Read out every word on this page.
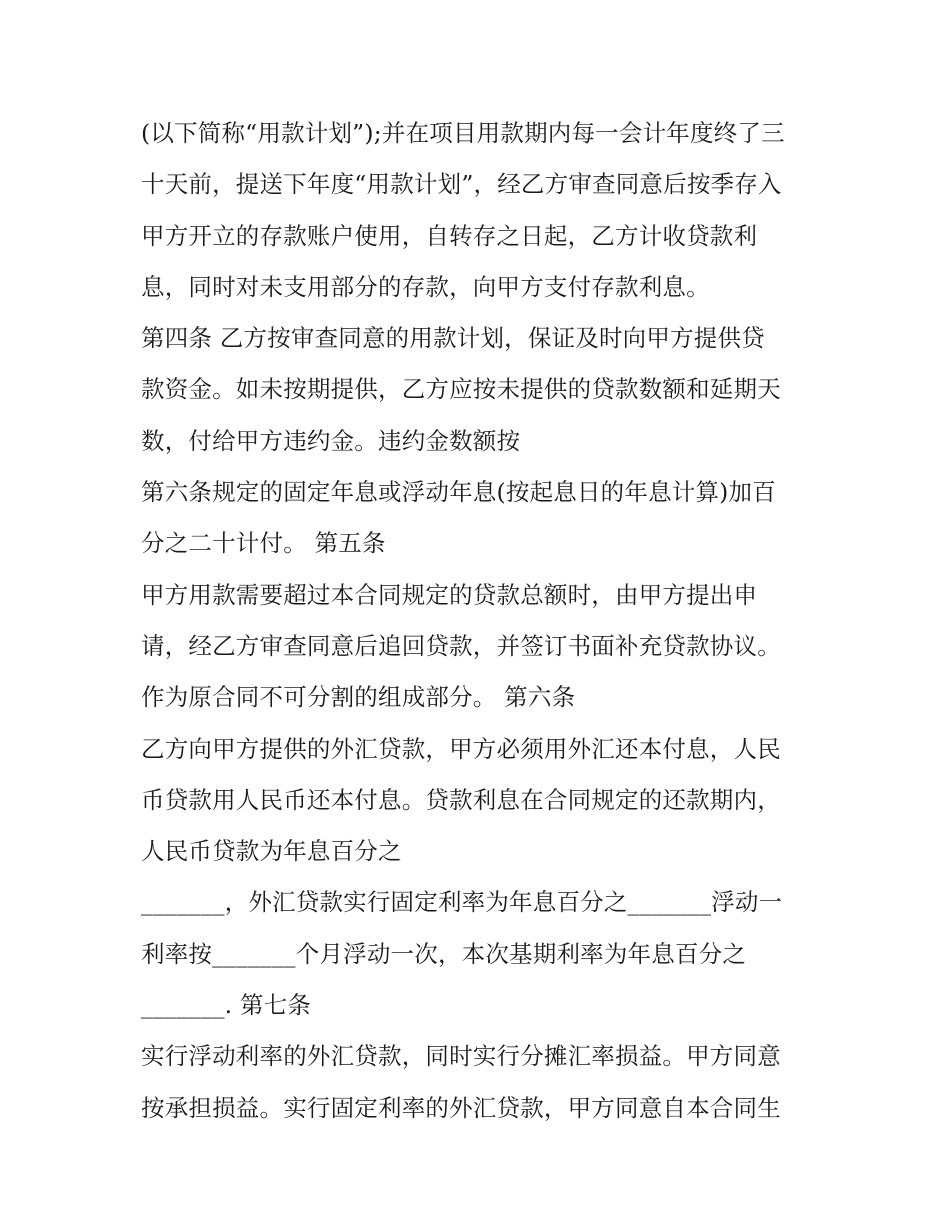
(以下简称“用款计划”);并在项目用款期内每一会计年度终了三
十天前，提送下年度“用款计划”，经乙方审查同意后按季存入
甲方开立的存款账户使用，自转存之日起，乙方计收贷款利
息，同时对未支用部分的存款，向甲方支付存款利息。
第四条 乙方按审查同意的用款计划，保证及时向甲方提供贷
款资金。如未按期提供，乙方应按未提供的贷款数额和延期天
数，付给甲方违约金。违约金数额按
第六条规定的固定年息或浮动年息(按起息日的年息计算)加百
分之二十计付。 第五条
甲方用款需要超过本合同规定的贷款总额时，由甲方提出申
请，经乙方审查同意后追回贷款，并签订书面补充贷款协议。
作为原合同不可分割的组成部分。 第六条
乙方向甲方提供的外汇贷款，甲方必须用外汇还本付息，人民
币贷款用人民币还本付息。贷款利息在合同规定的还款期内，
人民币贷款为年息百分之
_______，外汇贷款实行固定利率为年息百分之_______浮动一
利率按_______个月浮动一次，本次基期利率为年息百分之
_______. 第七条
实行浮动利率的外汇贷款，同时实行分摊汇率损益。甲方同意
按承担损益。实行固定利率的外汇贷款，甲方同意自本合同生
